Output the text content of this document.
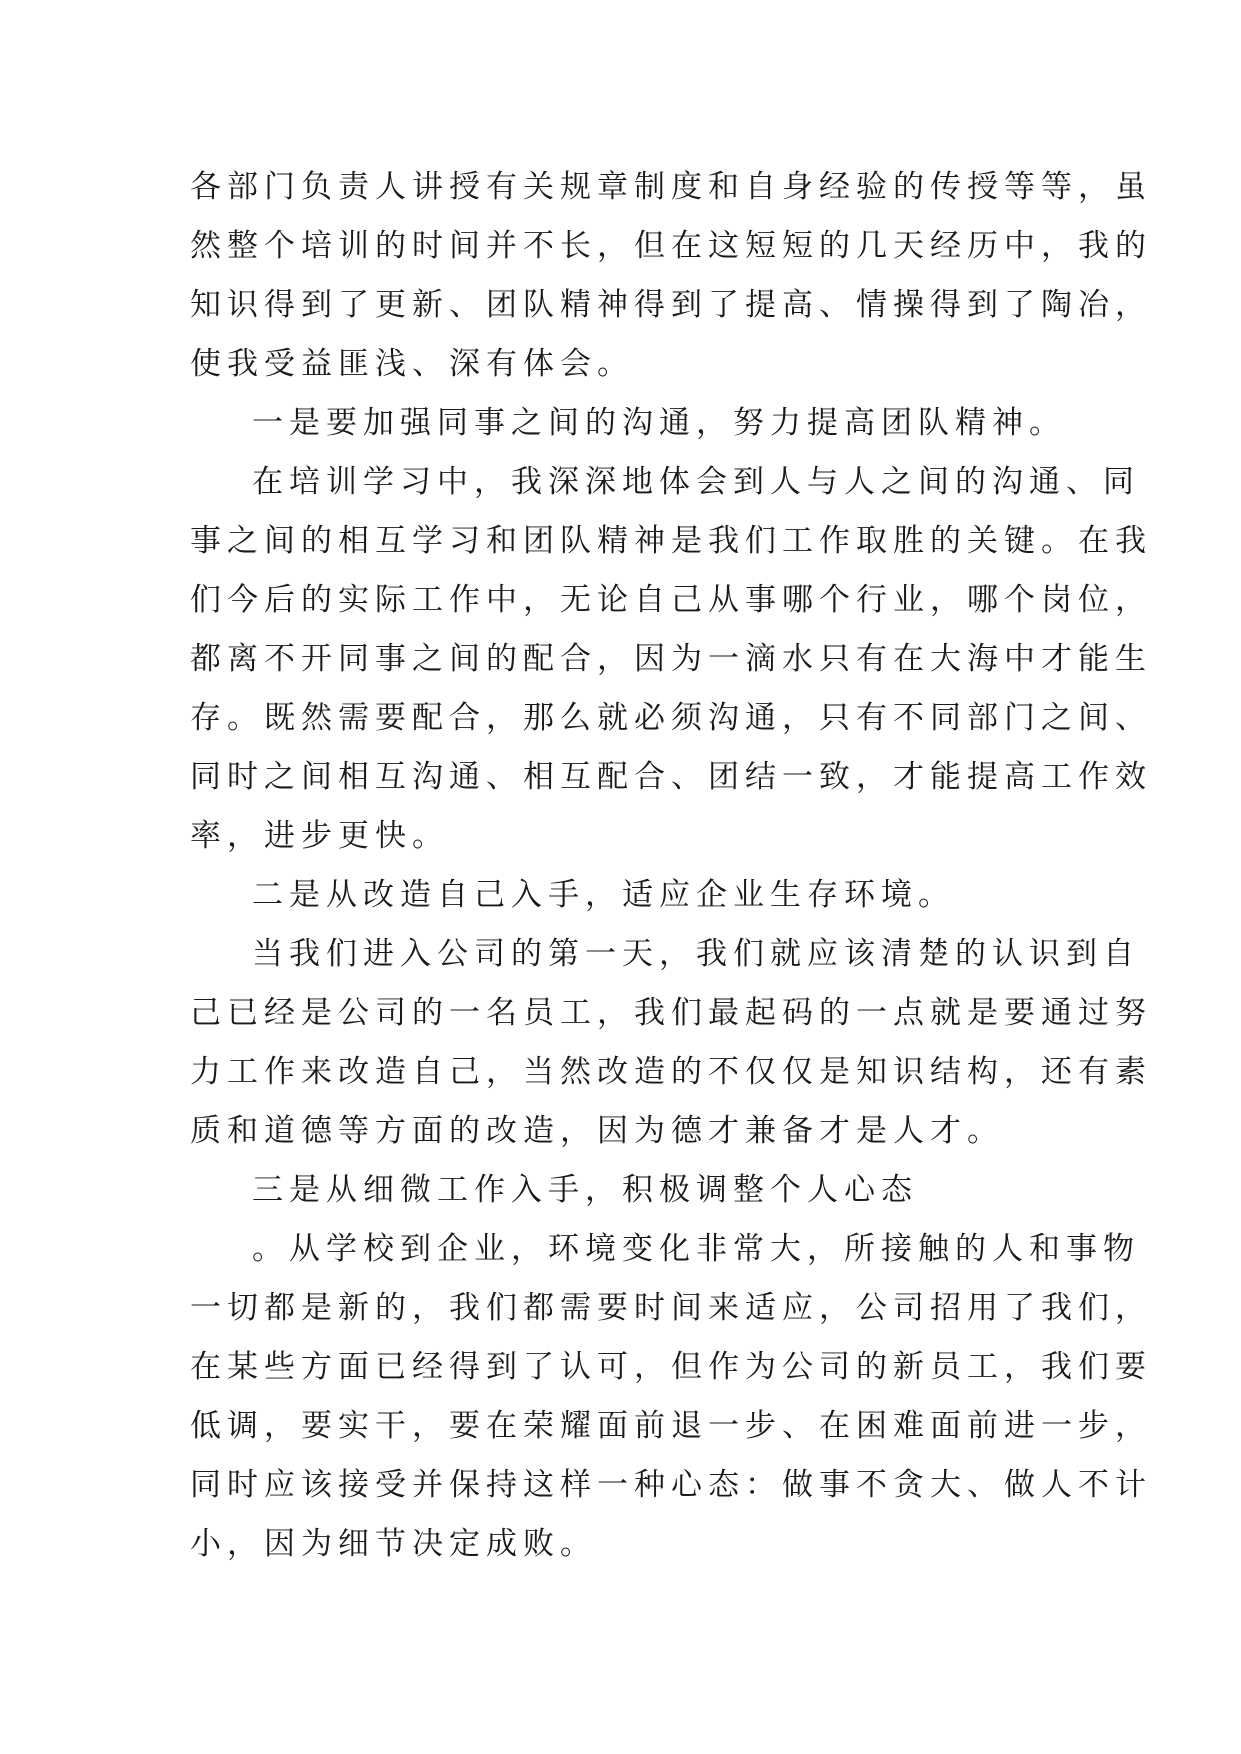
各部门负责人讲授有关规章制度和自身经验的传授等等，虽
然整个培训的时间并不长，但在这短短的几天经历中，我的
知识得到了更新、团队精神得到了提高、情操得到了陶冶，
使我受益匪浅、深有体会。
一是要加强同事之间的沟通，努力提高团队精神。
在培训学习中，我深深地体会到人与人之间的沟通、同
事之间的相互学习和团队精神是我们工作取胜的关键。在我
们今后的实际工作中，无论自己从事哪个行业，哪个岗位，
都离不开同事之间的配合，因为一滴水只有在大海中才能生
存。既然需要配合，那么就必须沟通，只有不同部门之间、
同时之间相互沟通、相互配合、团结一致，才能提高工作效
率，进步更快。
二是从改造自己入手，适应企业生存环境。
当我们进入公司的第一天，我们就应该清楚的认识到自
己已经是公司的一名员工，我们最起码的一点就是要通过努
力工作来改造自己，当然改造的不仅仅是知识结构，还有素
质和道德等方面的改造，因为德才兼备才是人才。
三是从细微工作入手，积极调整个人心态
。从学校到企业，环境变化非常大，所接触的人和事物
一切都是新的，我们都需要时间来适应，公司招用了我们，
在某些方面已经得到了认可，但作为公司的新员工，我们要
低调，要实干，要在荣耀面前退一步、在困难面前进一步，
同时应该接受并保持这样一种心态：做事不贪大、做人不计
小，因为细节决定成败。
